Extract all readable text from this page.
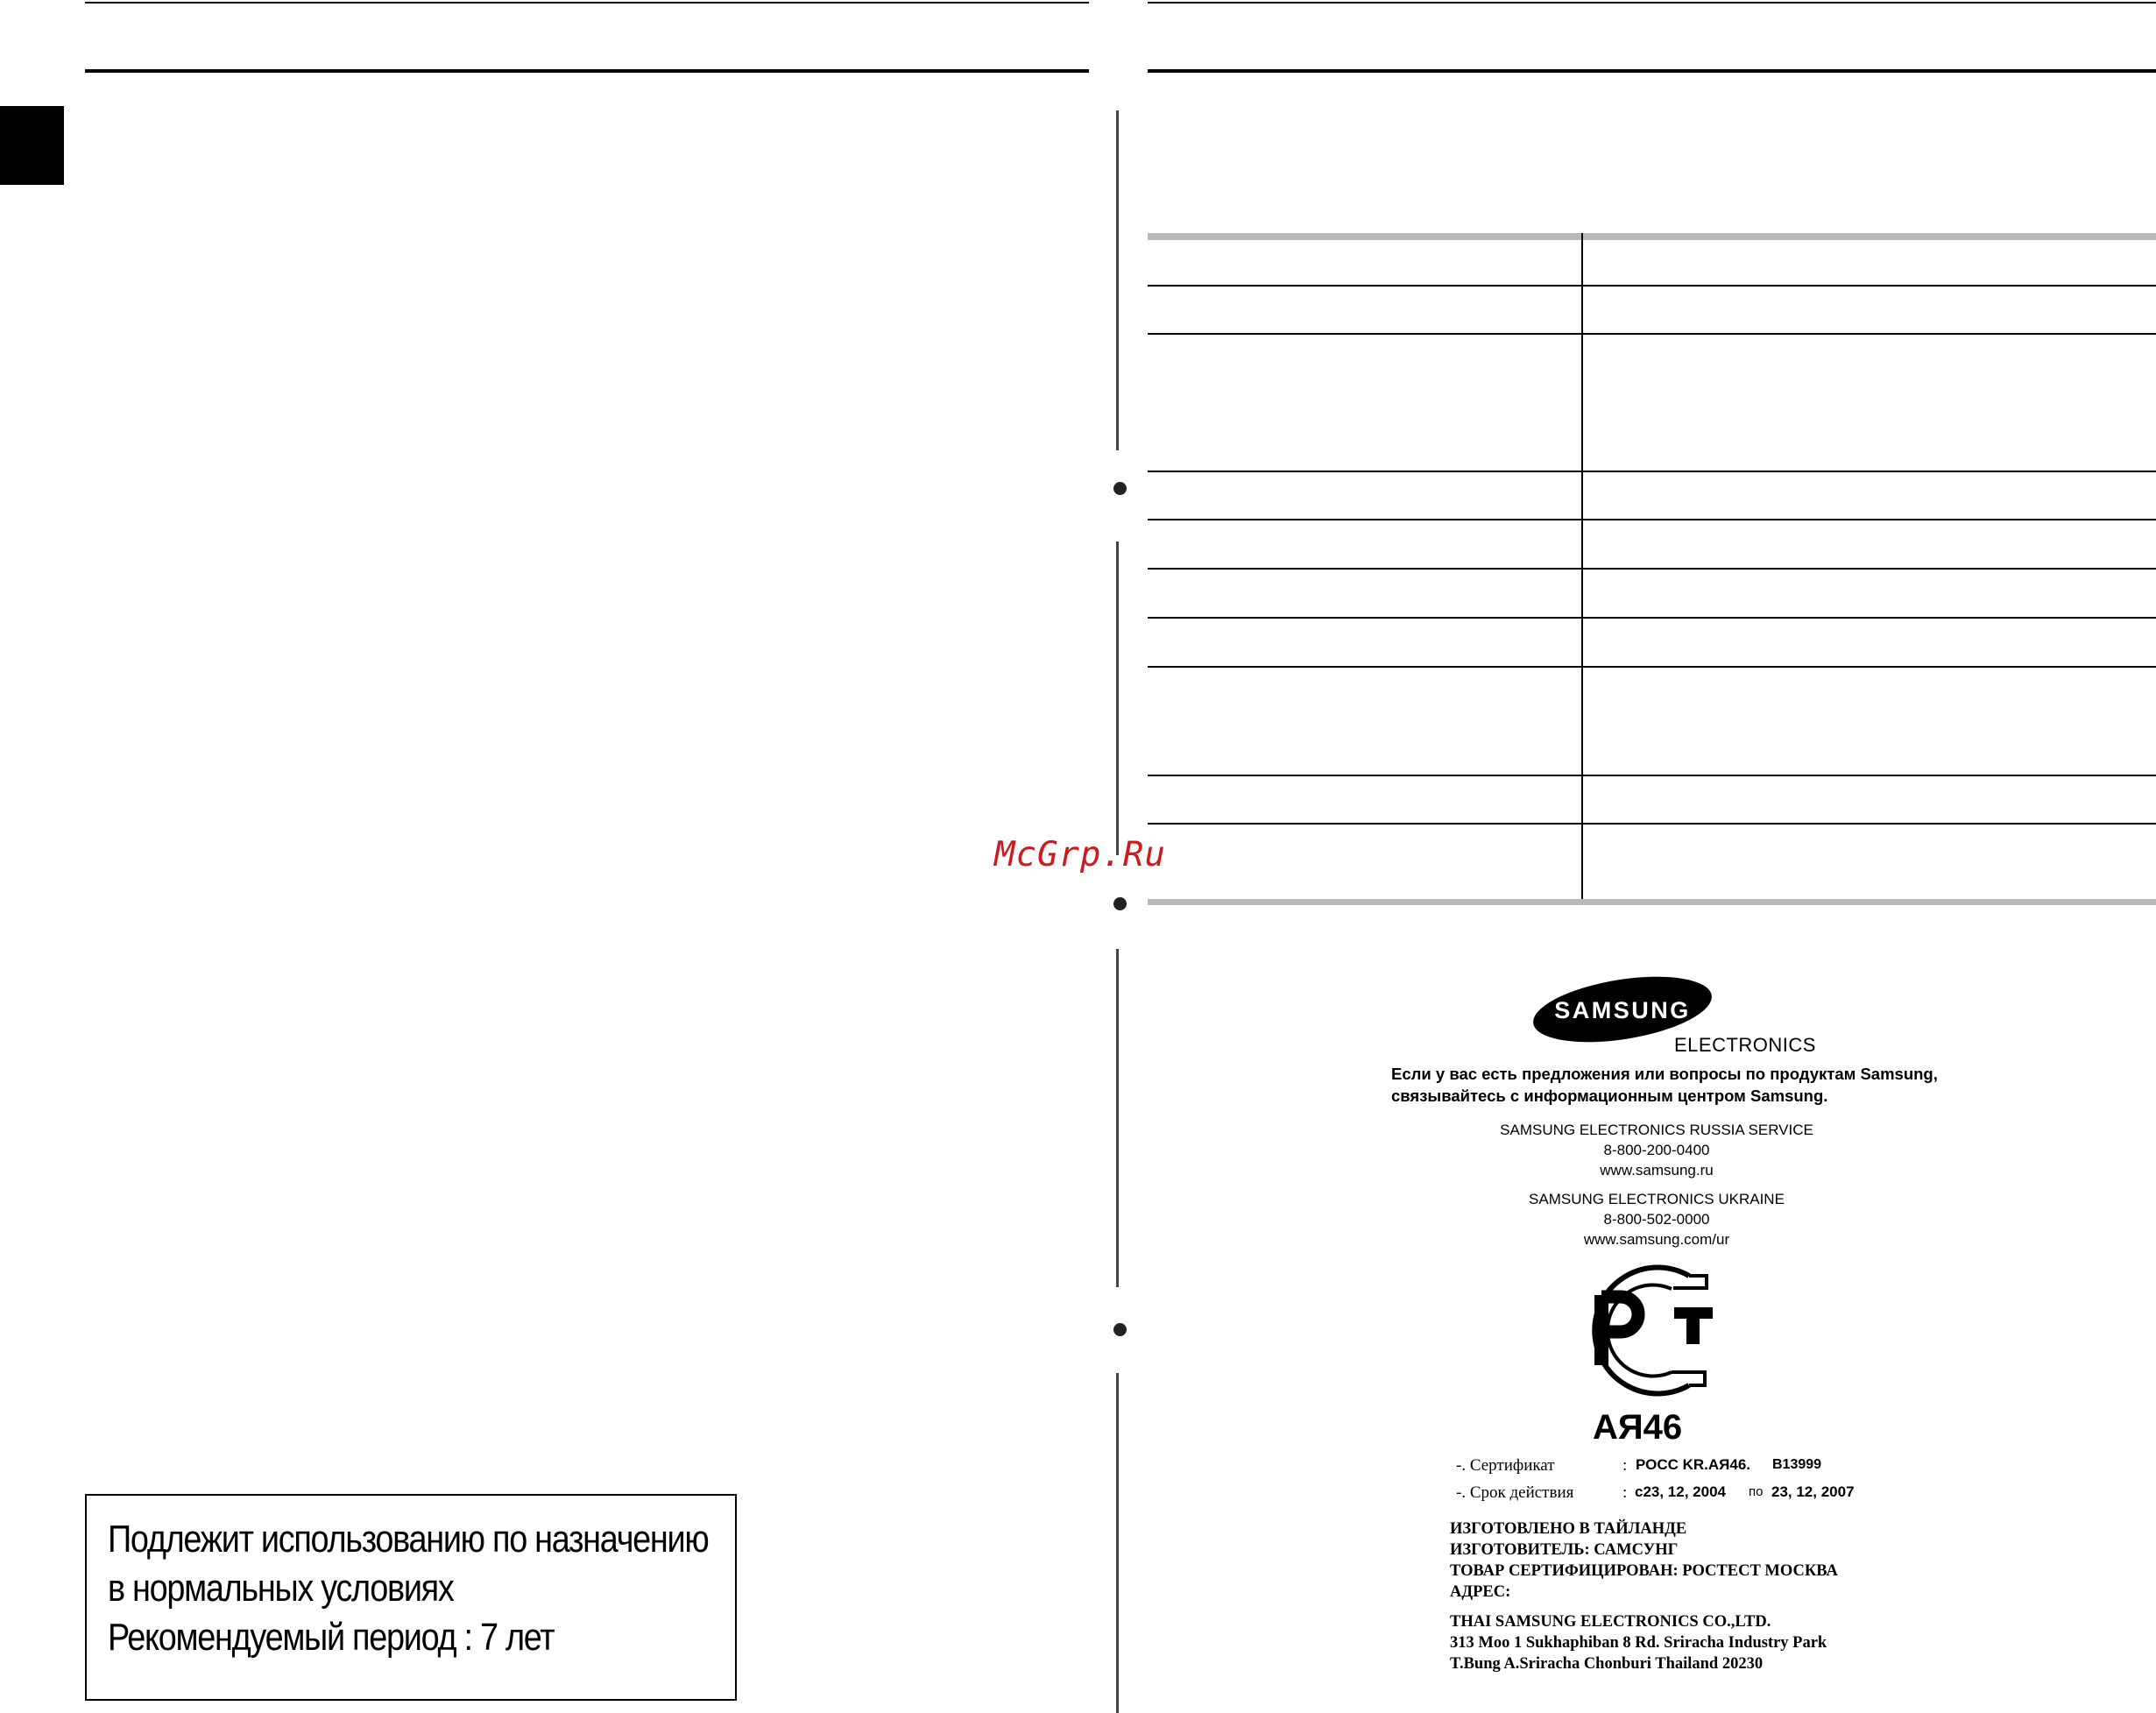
McGrp.Ru
Подлежит использованию по назначению
в нормальных условиях
Рекомендуемый период : 7 лет
SAMSUNG
ELECTRONICS
Если у вас есть предложения или вопросы по продуктам Samsung,
связывайтесь с информационным центром Samsung.
SAMSUNG ELECTRONICS RUSSIA SERVICE
8-800-200-0400
www.samsung.ru
SAMSUNG ELECTRONICS UKRAINE
8-800-502-0000
www.samsung.com/ur
АЯ46
-. Сертификат	: РОСС KR.АЯ46. B13999
-. Срок действия	: c23, 12, 2004 по 23, 12, 2007
ИЗГОТОВЛЕНО В ТАЙЛАНДЕ
ИЗГОТОВИТЕЛЬ: САМСУНГ
ТОВАР СЕРТИФИЦИРОВАН: РОСТЕСТ МОСКВА
АДРЕС:
THAI SAMSUNG ELECTRONICS CO.,LTD.
313 Moo 1 Sukhaphiban 8 Rd. Sriracha Industry Park
T.Bung A.Sriracha Chonburi Thailand 20230
